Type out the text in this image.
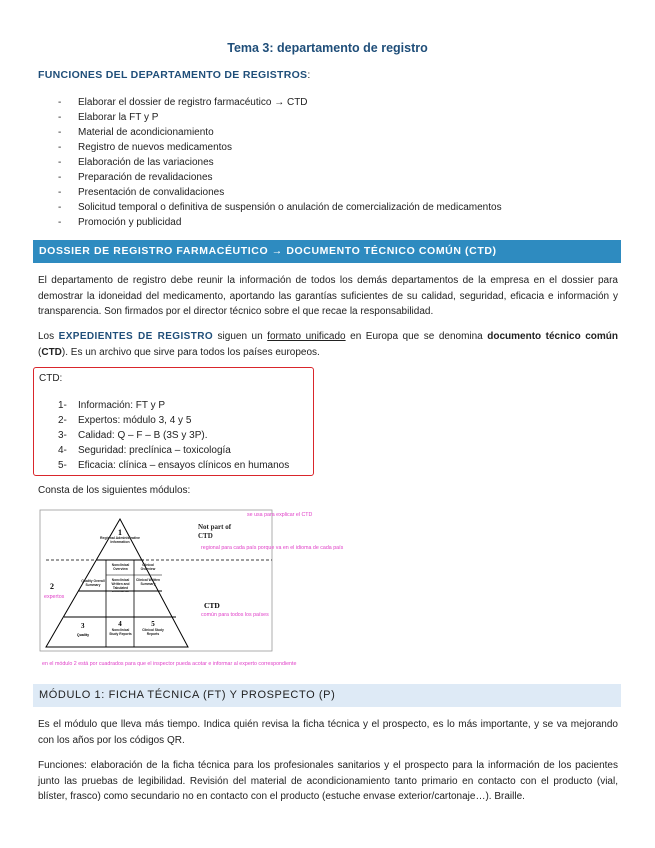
Tema 3: departamento de registro
FUNCIONES DEL DEPARTAMENTO DE REGISTROS:
- Elaborar el dossier de registro farmacéutico → CTD
- Elaborar la FT y P
- Material de acondicionamiento
- Registro de nuevos medicamentos
- Elaboración de las variaciones
- Preparación de revalidaciones
- Presentación de convalidaciones
- Solicitud temporal o definitiva de suspensión o anulación de comercialización de medicamentos
- Promoción y publicidad
DOSSIER DE REGISTRO FARMACÉUTICO → DOCUMENTO TÉCNICO COMÚN (CTD)
El departamento de registro debe reunir la información de todos los demás departamentos de la empresa en el dossier para demostrar la idoneidad del medicamento, aportando las garantías suficientes de su calidad, seguridad, eficacia e información y transparencia. Son firmados por el director técnico sobre el que recae la responsabilidad.
Los EXPEDIENTES DE REGISTRO siguen un formato unificado en Europa que se denomina documento técnico común (CTD). Es un archivo que sirve para todos los países europeos.
CTD:
1- Información: FT y P
2- Expertos: módulo 3, 4 y 5
3- Calidad: Q – F – B (3S y 3P).
4- Seguridad: preclínica – toxicología
5- Eficacia: clínica – ensayos clínicos en humanos
Consta de los siguientes módulos:
1
Regional Administrative Information
2
Quality Overall Summary
Nonclinical Overview
Clinical Overview
Nonclinical Written and Tabulated Summaries
Clinical Written Summary
3
Quality
4
Nonclinical Study Reports
5
Clinical Study Reports
Not part of CTD
CTD
se usa para explicar el CTD
regional para cada país porque va en el idioma de cada país
expertos
común para todos los países
en el módulo 2 está por cuadrados para que el inspector pueda acotar e informar al experto correspondiente
MÓDULO 1: FICHA TÉCNICA (FT) Y PROSPECTO (P)
Es el módulo que lleva más tiempo. Indica quién revisa la ficha técnica y el prospecto, es lo más importante, y se va mejorando con los años por los códigos QR.
Funciones: elaboración de la ficha técnica para los profesionales sanitarios y el prospecto para la información de los pacientes junto las pruebas de legibilidad. Revisión del material de acondicionamiento tanto primario en contacto con el producto (vial, blíster, frasco) como secundario no en contacto con el producto (estuche envase exterior/cartonaje…). Braille.
